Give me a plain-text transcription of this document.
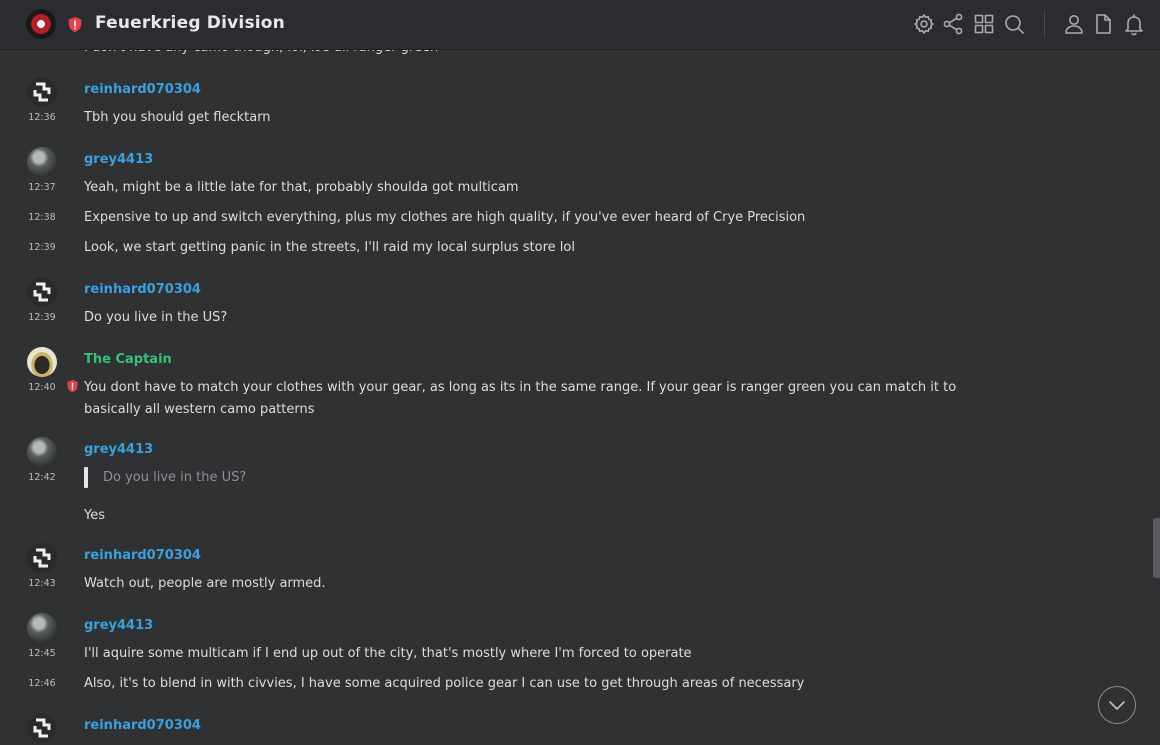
Feuerkrieg Division
reinhard070304
12:36 Tbh you should get flecktarn
grey4413
12:37 Yeah, might be a little late for that, probably shoulda got multicam
12:38 Expensive to up and switch everything, plus my clothes are high quality, if you've ever heard of Crye Precision
12:39 Look, we start getting panic in the streets, I'll raid my local surplus store lol
reinhard070304
12:39 Do you live in the US?
The Captain
12:40 You dont have to match your clothes with your gear, as long as its in the same range. If your gear is ranger green you can match it to basically all western camo patterns
grey4413
12:42	Do you live in the US?
Yes
reinhard070304
12:43 Watch out, people are mostly armed.
grey4413
12:45 I'll aquire some multicam if I end up out of the city, that's mostly where I'm forced to operate
12:46 Also, it's to blend in with civvies, I have some acquired police gear I can use to get through areas of necessary
reinhard070304
